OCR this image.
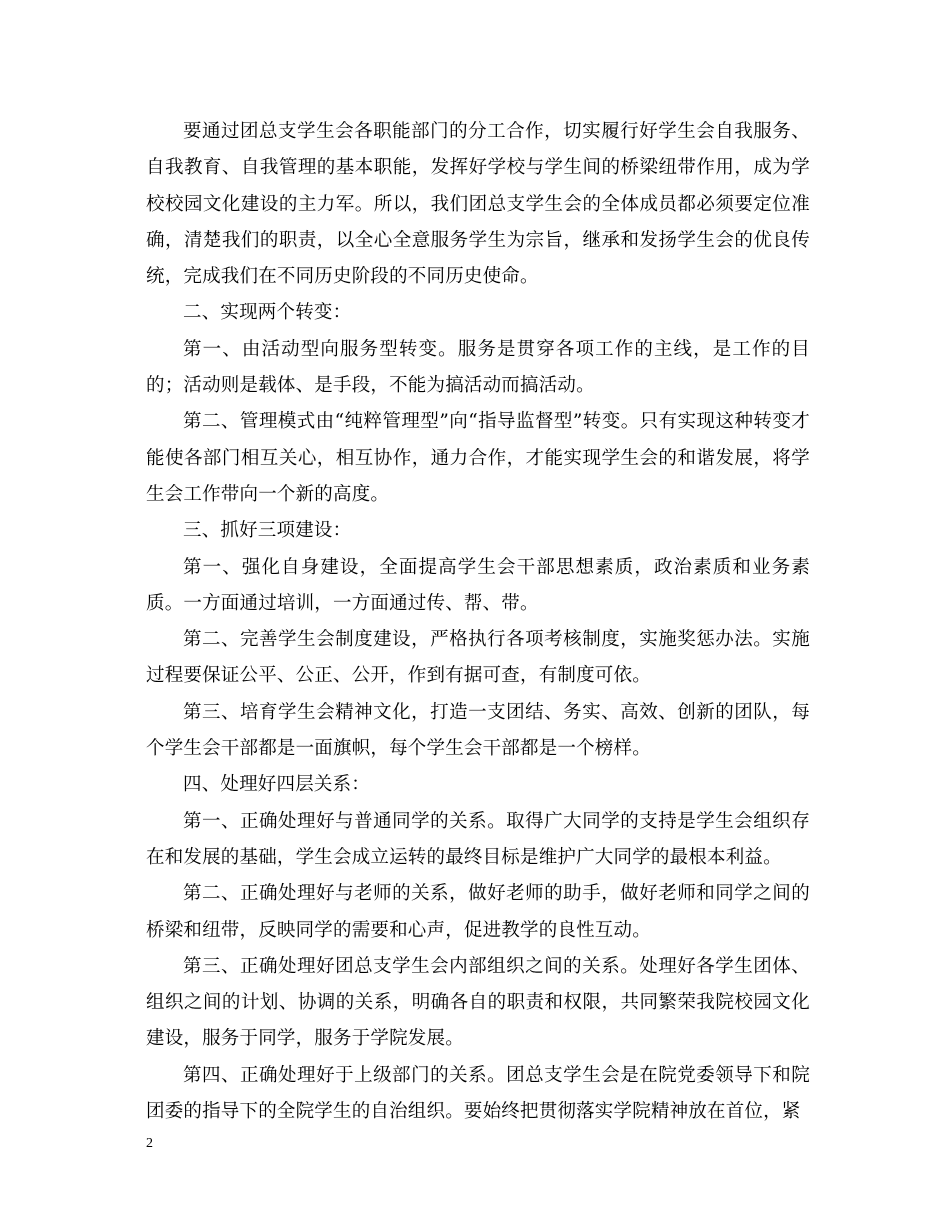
要通过团总支学生会各职能部门的分工合作，切实履行好学生会自我服务、自我教育、自我管理的基本职能，发挥好学校与学生间的桥梁纽带作用，成为学校校园文化建设的主力军。所以，我们团总支学生会的全体成员都必须要定位准确，清楚我们的职责，以全心全意服务学生为宗旨，继承和发扬学生会的优良传统，完成我们在不同历史阶段的不同历史使命。

二、实现两个转变：

第一、由活动型向服务型转变。服务是贯穿各项工作的主线，是工作的目的；活动则是载体、是手段，不能为搞活动而搞活动。

第二、管理模式由“纯粹管理型”向“指导监督型”转变。只有实现这种转变才能使各部门相互关心，相互协作，通力合作，才能实现学生会的和谐发展，将学生会工作带向一个新的高度。

三、抓好三项建设：

第一、强化自身建设，全面提高学生会干部思想素质，政治素质和业务素质。一方面通过培训，一方面通过传、帮、带。

第二、完善学生会制度建设，严格执行各项考核制度，实施奖惩办法。实施过程要保证公平、公正、公开，作到有据可查，有制度可依。

第三、培育学生会精神文化，打造一支团结、务实、高效、创新的团队，每个学生会干部都是一面旗帜，每个学生会干部都是一个榜样。

四、处理好四层关系：

第一、正确处理好与普通同学的关系。取得广大同学的支持是学生会组织存在和发展的基础，学生会成立运转的最终目标是维护广大同学的最根本利益。

第二、正确处理好与老师的关系，做好老师的助手，做好老师和同学之间的桥梁和纽带，反映同学的需要和心声，促进教学的良性互动。

第三、正确处理好团总支学生会内部组织之间的关系。处理好各学生团体、组织之间的计划、协调的关系，明确各自的职责和权限，共同繁荣我院校园文化建设，服务于同学，服务于学院发展。

第四、正确处理好于上级部门的关系。团总支学生会是在院党委领导下和院团委的指导下的全院学生的自治组织。要始终把贯彻落实学院精神放在首位，紧

2
